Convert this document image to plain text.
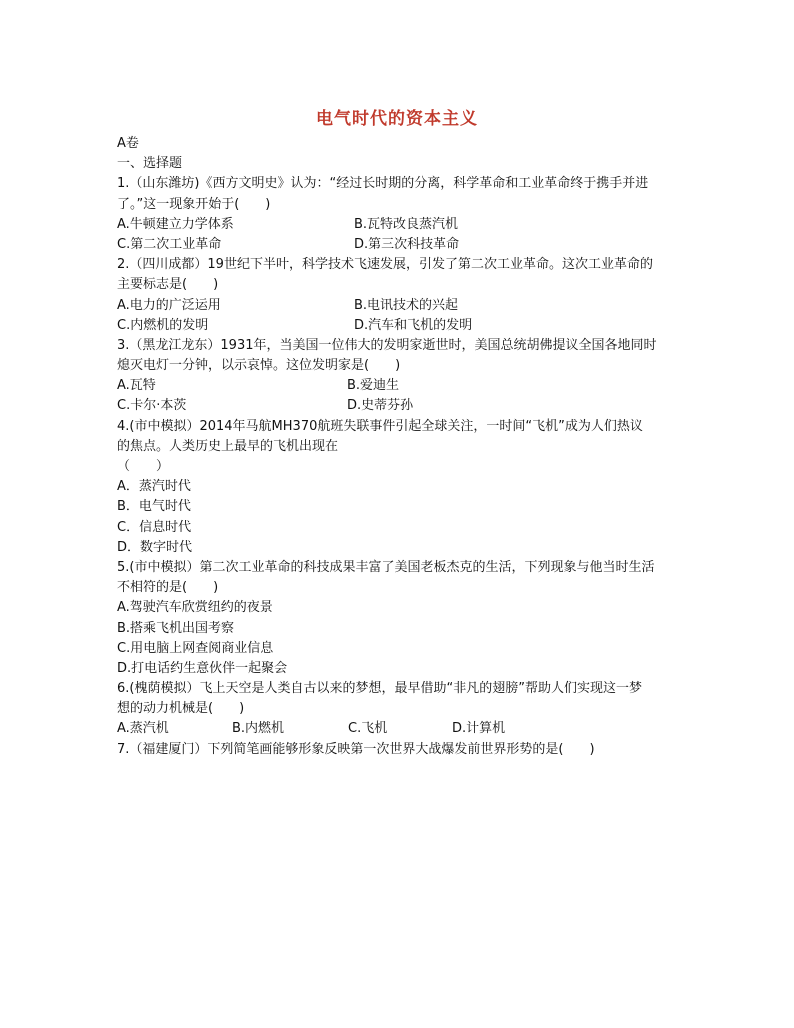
电气时代的资本主义
A卷
一、选择题
1.（山东潍坊)《西方文明史》认为：“经过长时期的分离，科学革命和工业革命终于携手并进
了。”这一现象开始于(　　)
A.牛顿建立力学体系	B.瓦特改良蒸汽机
C.第二次工业革命	D.第三次科技革命
2.（四川成都）19世纪下半叶，科学技术飞速发展，引发了第二次工业革命。这次工业革命的
主要标志是(　　)
A.电力的广泛运用	B.电讯技术的兴起
C.内燃机的发明	D.汽车和飞机的发明
3.（黑龙江龙东）1931年，当美国一位伟大的发明家逝世时，美国总统胡佛提议全国各地同时
熄灭电灯一分钟，以示哀悼。这位发明家是(　　)
A.瓦特	B.爱迪生
C.卡尔·本茨	D.史蒂芬孙
4.(市中模拟）2014年马航MH370航班失联事件引起全球关注，一时间“飞机”成为人们热议
的焦点。人类历史上最早的飞机出现在
（　　）
A．蒸汽时代
B．电气时代
C．信息时代
D．数字时代
5.(市中模拟）第二次工业革命的科技成果丰富了美国老板杰克的生活，下列现象与他当时生活
不相符的是(　　)
A.驾驶汽车欣赏纽约的夜景
B.搭乘飞机出国考察
C.用电脑上网查阅商业信息
D.打电话约生意伙伴一起聚会
6.(槐荫模拟）飞上天空是人类自古以来的梦想，最早借助“非凡的翅膀”帮助人们实现这一梦
想的动力机械是(　　)
A.蒸汽机	B.内燃机	C.飞机	D.计算机
7.（福建厦门）下列简笔画能够形象反映第一次世界大战爆发前世界形势的是(　　)
